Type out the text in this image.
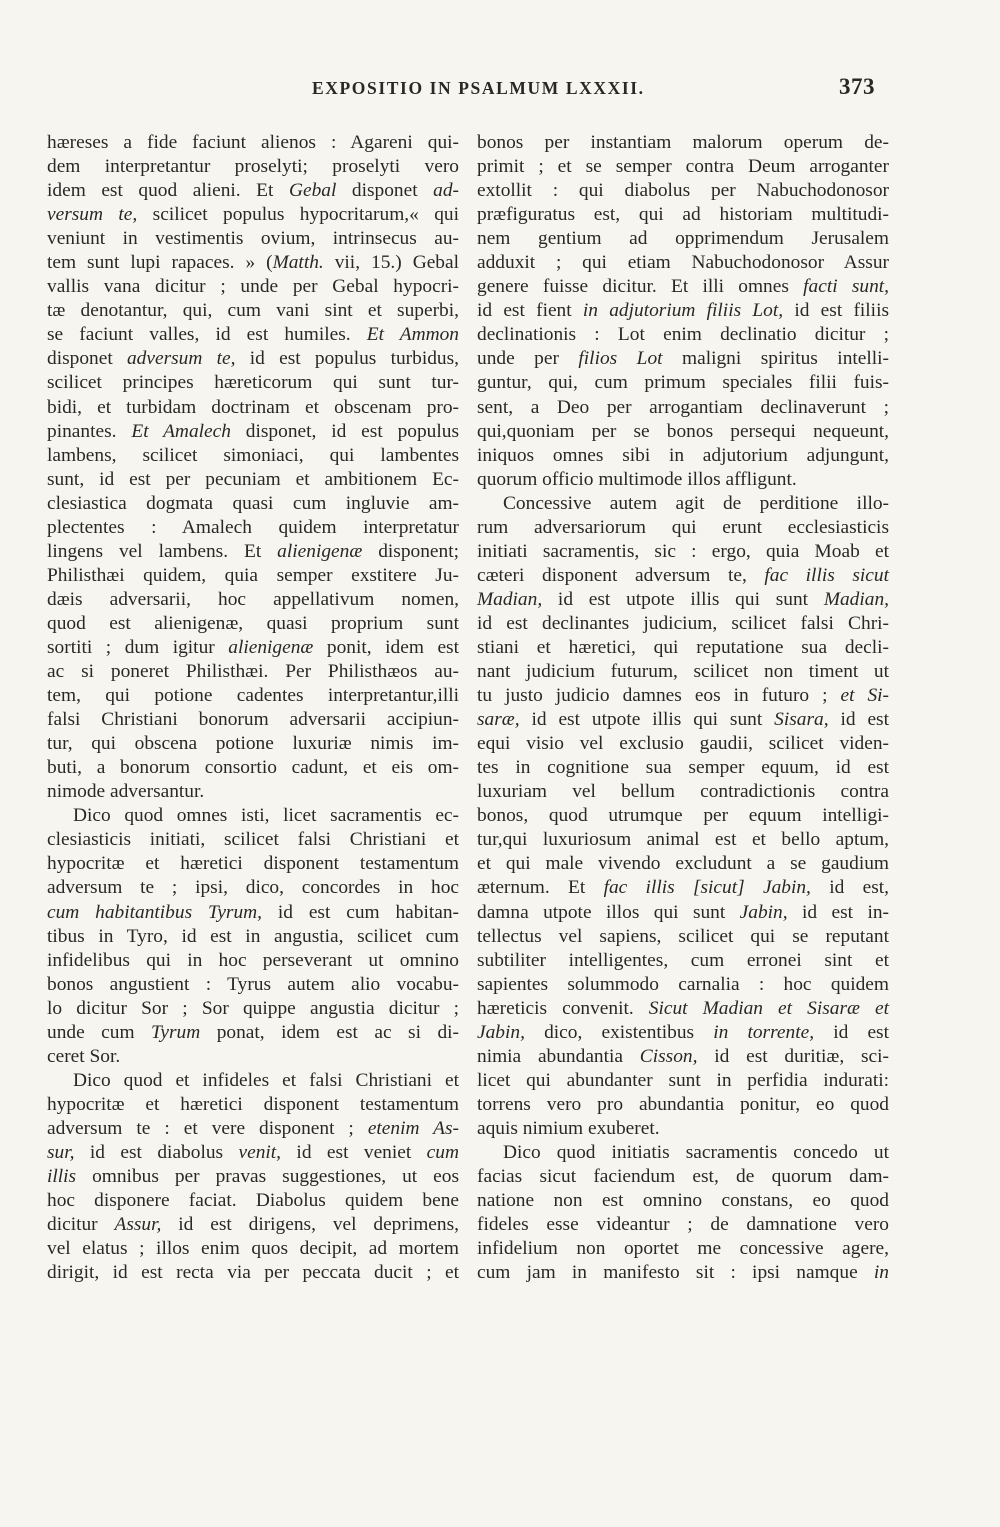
EXPOSITIO IN PSALMUM LXXXII.	373
hæreses a fide faciunt alienos : Agareni qui-
dem interpretantur proselyti; proselyti vero
idem est quod alieni. Et Gebal disponet ad-
versum te, scilicet populus hypocritarum,« qui
veniunt in vestimentis ovium, intrinsecus au-
tem sunt lupi rapaces. » (Matth. vii, 15.) Gebal
vallis vana dicitur ; unde per Gebal hypocri-
tæ denotantur, qui, cum vani sint et superbi,
se faciunt valles, id est humiles. Et Ammon
disponet adversum te, id est populus turbidus,
scilicet principes hæreticorum qui sunt tur-
bidi, et turbidam doctrinam et obscenam pro-
pinantes. Et Amalech disponet, id est populus
lambens, scilicet simoniaci, qui lambentes
sunt, id est per pecuniam et ambitionem Ec-
clesiastica dogmata quasi cum ingluvie am-
plectentes : Amalech quidem interpretatur
lingens vel lambens. Et alienigenæ disponent;
Philisthæi quidem, quia semper exstitere Ju-
dæis adversarii, hoc appellativum nomen,
quod est alienigenæ, quasi proprium sunt
sortiti ; dum igitur alienigenæ ponit, idem est
ac si poneret Philisthæi. Per Philisthæos au-
tem, qui potione cadentes interpretantur,illi
falsi Christiani bonorum adversarii accipiun-
tur, qui obscena potione luxuriæ nimis im-
buti, a bonorum consortio cadunt, et eis om-
nimode adversantur.
Dico quod omnes isti, licet sacramentis ec-
clesiasticis initiati, scilicet falsi Christiani et
hypocritæ et hæretici disponent testamentum
adversum te ; ipsi, dico, concordes in hoc
cum habitantibus Tyrum, id est cum habitan-
tibus in Tyro, id est in angustia, scilicet cum
infidelibus qui in hoc perseverant ut omnino
bonos angustient : Tyrus autem alio vocabu-
lo dicitur Sor ; Sor quippe angustia dicitur ;
unde cum Tyrum ponat, idem est ac si di-
ceret Sor.
Dico quod et infideles et falsi Christiani et
hypocritæ et hæretici disponent testamentum
adversum te : et vere disponent ; etenim As-
sur, id est diabolus venit, id est veniet cum
illis omnibus per pravas suggestiones, ut eos
hoc disponere faciat. Diabolus quidem bene
dicitur Assur, id est dirigens, vel deprimens,
vel elatus ; illos enim quos decipit, ad mortem
dirigit, id est recta via per peccata ducit ; et
bonos per instantiam malorum operum de-
primit ; et se semper contra Deum arroganter
extollit : qui diabolus per Nabuchodonosor
præfiguratus est, qui ad historiam multitudi-
nem gentium ad opprimendum Jerusalem
adduxit ; qui etiam Nabuchodonosor Assur
genere fuisse dicitur. Et illi omnes facti sunt,
id est fient in adjutorium filiis Lot, id est filiis
declinationis : Lot enim declinatio dicitur ;
unde per filios Lot maligni spiritus intelli-
guntur, qui, cum primum speciales filii fuis-
sent, a Deo per arrogantiam declinaverunt ;
qui,quoniam per se bonos persequi nequeunt,
iniquos omnes sibi in adjutorium adjungunt,
quorum officio multimode illos affligunt.
Concessive autem agit de perditione illo-
rum adversariorum qui erunt ecclesiasticis
initiati sacramentis, sic : ergo, quia Moab et
cæteri disponent adversum te, fac illis sicut
Madian, id est utpote illis qui sunt Madian,
id est declinantes judicium, scilicet falsi Chri-
stiani et hæretici, qui reputatione sua decli-
nant judicium futurum, scilicet non timent ut
tu justo judicio damnes eos in futuro ; et Si-
saræ, id est utpote illis qui sunt Sisara, id est
equi visio vel exclusio gaudii, scilicet viden-
tes in cognitione sua semper equum, id est
luxuriam vel bellum contradictionis contra
bonos, quod utrumque per equum intelligi-
tur,qui luxuriosum animal est et bello aptum,
et qui male vivendo excludunt a se gaudium
æternum. Et fac illis [sicut] Jabin, id est,
damna utpote illos qui sunt Jabin, id est in-
tellectus vel sapiens, scilicet qui se reputant
subtiliter intelligentes, cum erronei sint et
sapientes solummodo carnalia : hoc quidem
hæreticis convenit. Sicut Madian et Sisaræ et
Jabin, dico, existentibus in torrente, id est
nimia abundantia Cisson, id est duritiæ, sci-
licet qui abundanter sunt in perfidia indurati:
torrens vero pro abundantia ponitur, eo quod
aquis nimium exuberet.
Dico quod initiatis sacramentis concedo ut
facias sicut faciendum est, de quorum dam-
natione non est omnino constans, eo quod
fideles esse videantur ; de damnatione vero
infidelium non oportet me concessive agere,
cum jam in manifesto sit : ipsi namque in
